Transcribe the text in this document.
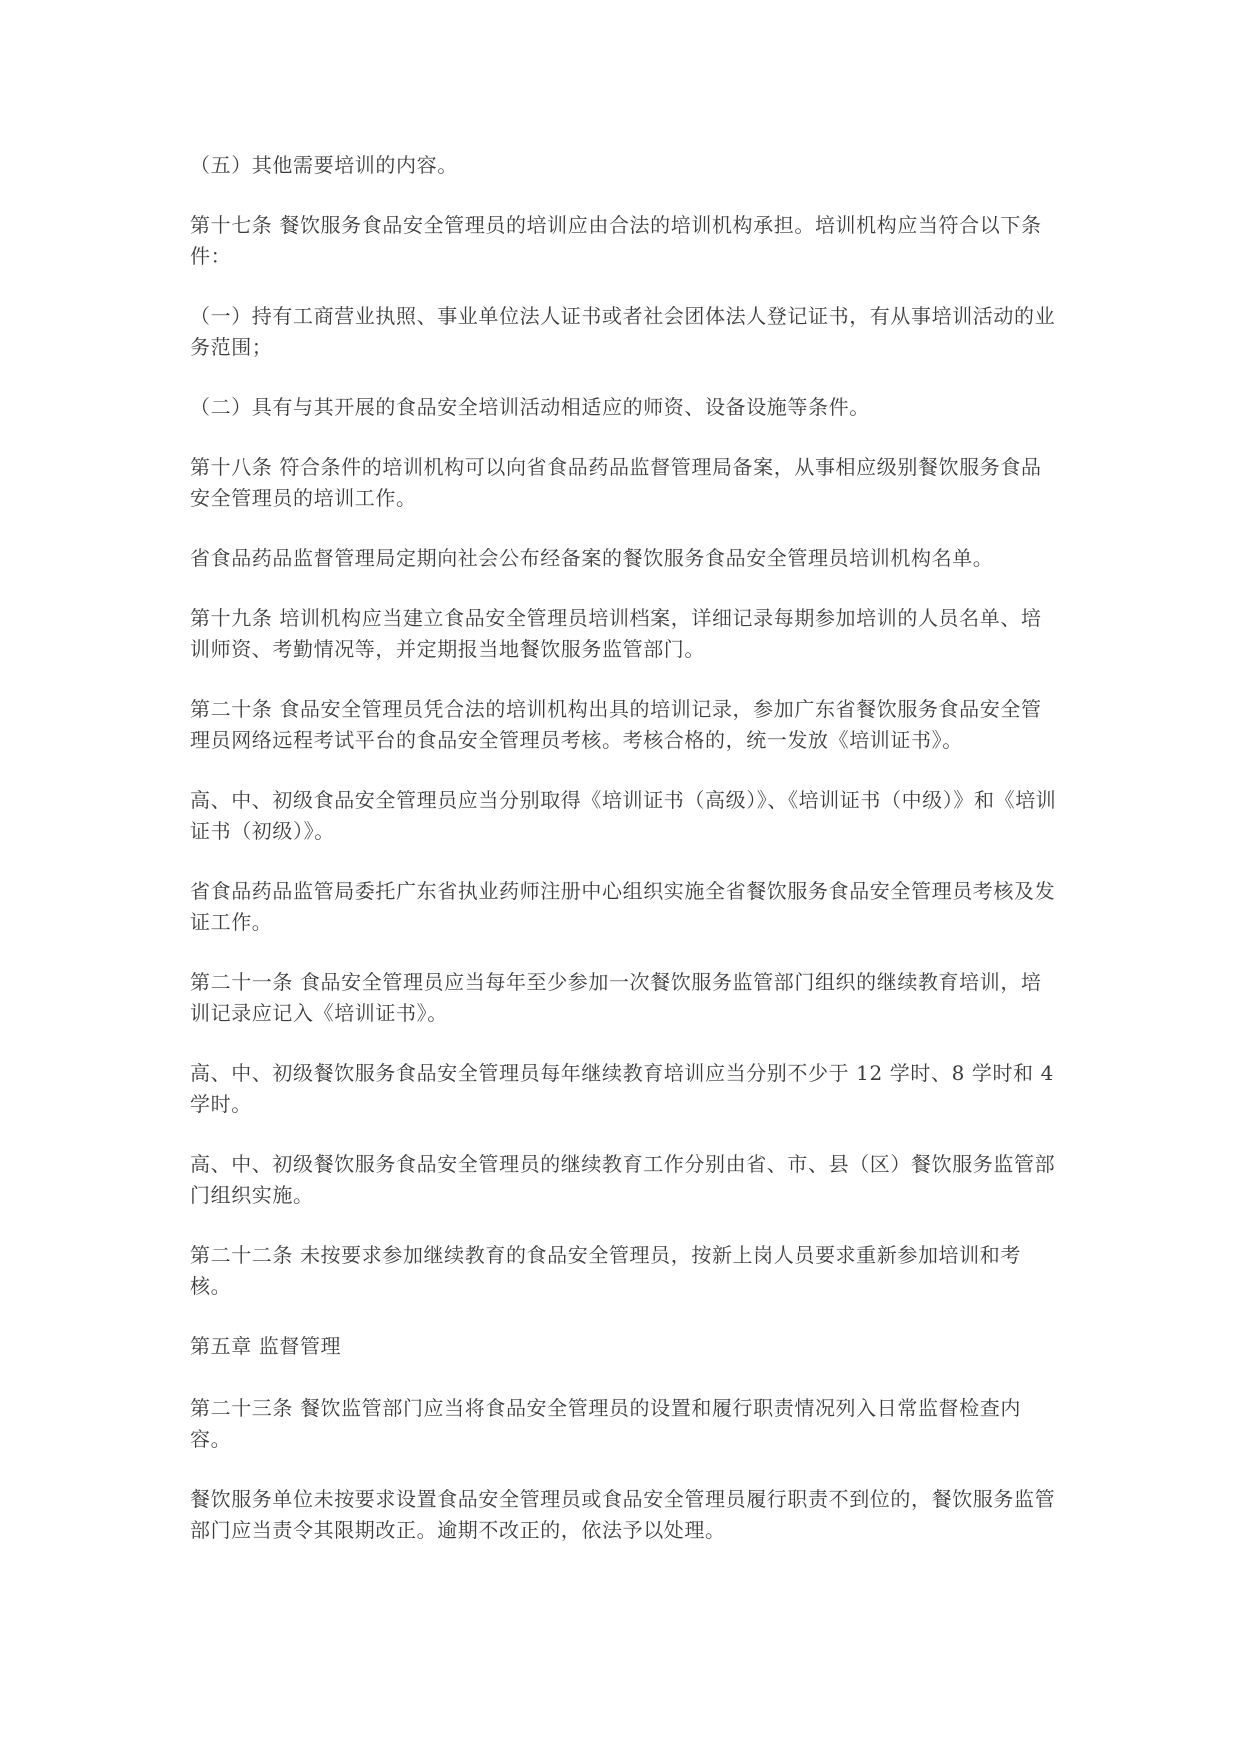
（五）其他需要培训的内容。

第十七条 餐饮服务食品安全管理员的培训应由合法的培训机构承担。培训机构应当符合以下条件：

（一）持有工商营业执照、事业单位法人证书或者社会团体法人登记证书，有从事培训活动的业务范围；

（二）具有与其开展的食品安全培训活动相适应的师资、设备设施等条件。

第十八条 符合条件的培训机构可以向省食品药品监督管理局备案，从事相应级别餐饮服务食品安全管理员的培训工作。

省食品药品监督管理局定期向社会公布经备案的餐饮服务食品安全管理员培训机构名单。

第十九条 培训机构应当建立食品安全管理员培训档案，详细记录每期参加培训的人员名单、培训师资、考勤情况等，并定期报当地餐饮服务监管部门。

第二十条 食品安全管理员凭合法的培训机构出具的培训记录，参加广东省餐饮服务食品安全管理员网络远程考试平台的食品安全管理员考核。考核合格的，统一发放《培训证书》。

高、中、初级食品安全管理员应当分别取得《培训证书（高级）》、《培训证书（中级）》和《培训证书（初级）》。

省食品药品监管局委托广东省执业药师注册中心组织实施全省餐饮服务食品安全管理员考核及发证工作。

第二十一条 食品安全管理员应当每年至少参加一次餐饮服务监管部门组织的继续教育培训，培训记录应记入《培训证书》。

高、中、初级餐饮服务食品安全管理员每年继续教育培训应当分别不少于 12 学时、8 学时和 4 学时。

高、中、初级餐饮服务食品安全管理员的继续教育工作分别由省、市、县（区）餐饮服务监管部门组织实施。

第二十二条 未按要求参加继续教育的食品安全管理员，按新上岗人员要求重新参加培训和考核。

第五章 监督管理

第二十三条 餐饮监管部门应当将食品安全管理员的设置和履行职责情况列入日常监督检查内容。

餐饮服务单位未按要求设置食品安全管理员或食品安全管理员履行职责不到位的，餐饮服务监管部门应当责令其限期改正。逾期不改正的，依法予以处理。
